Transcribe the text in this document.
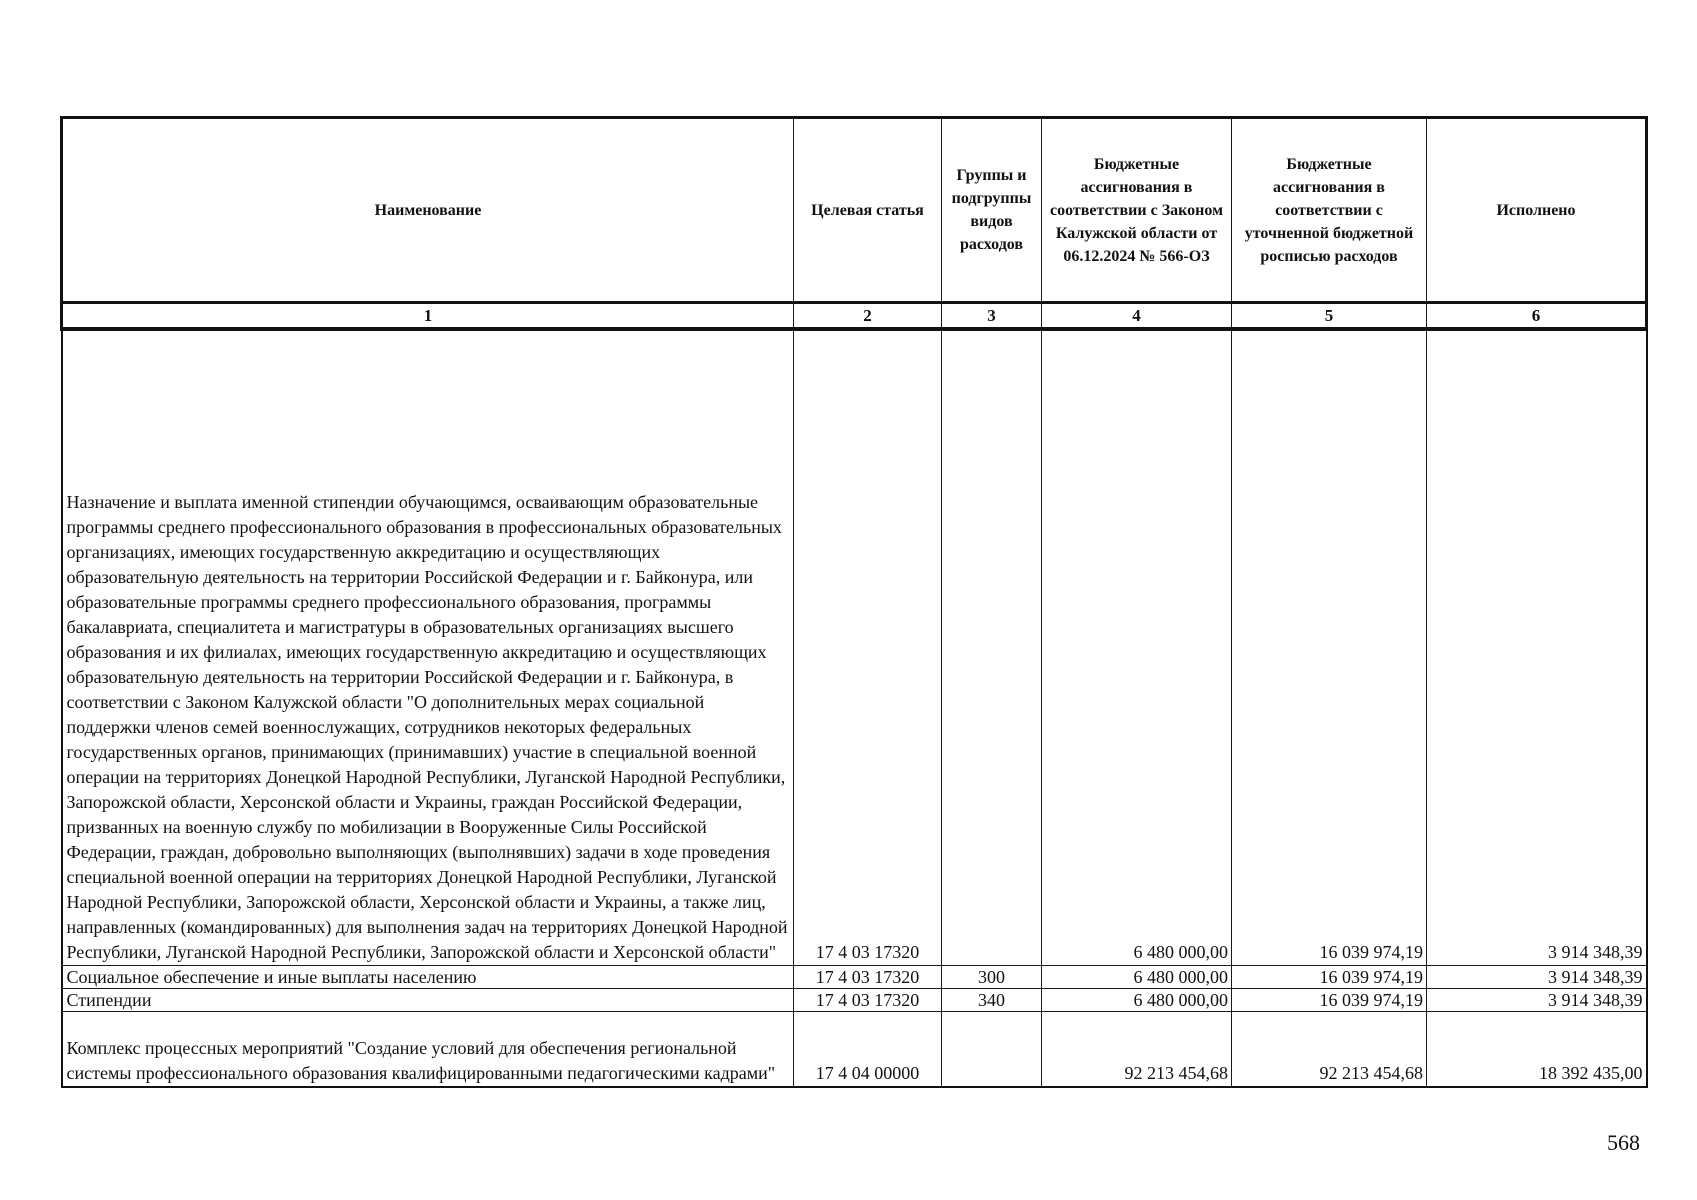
Наименование	Целевая статья	Группы и подгруппы видов расходов	Бюджетные ассигнования в соответствии с Законом Калужской области от 06.12.2024 № 566-ОЗ	Бюджетные ассигнования в соответствии с уточненной бюджетной росписью расходов	Исполнено
1	2	3	4	5	6
Назначение и выплата именной стипендии обучающимся, осваивающим образовательные программы среднего профессионального образования в профессиональных образовательных организациях, имеющих государственную аккредитацию и осуществляющих образовательную деятельность на территории Российской Федерации и г. Байконура, или образовательные программы среднего профессионального образования, программы бакалавриата, специалитета и магистратуры в образовательных организациях высшего образования и их филиалах, имеющих государственную аккредитацию и осуществляющих образовательную деятельность на территории Российской Федерации и г. Байконура, в соответствии с Законом Калужской области "О дополнительных мерах социальной поддержки членов семей военнослужащих, сотрудников некоторых федеральных государственных органов, принимающих (принимавших) участие в специальной военной операции на территориях Донецкой Народной Республики, Луганской Народной Республики, Запорожской области, Херсонской области и Украины, граждан Российской Федерации, призванных на военную службу по мобилизации в Вооруженные Силы Российской Федерации, граждан, добровольно выполняющих (выполнявших) задачи в ходе проведения специальной военной операции на территориях Донецкой Народной Республики, Луганской Народной Республики, Запорожской области, Херсонской области и Украины, а также лиц, направленных (командированных) для выполнения задач на территориях Донецкой Народной Республики, Луганской Народной Республики, Запорожской области и Херсонской области"	17 4 03 17320		6 480 000,00	16 039 974,19	3 914 348,39
Социальное обеспечение и иные выплаты населению	17 4 03 17320	300	6 480 000,00	16 039 974,19	3 914 348,39
Стипендии	17 4 03 17320	340	6 480 000,00	16 039 974,19	3 914 348,39
Комплекс процессных мероприятий "Создание условий для обеспечения региональной системы профессионального образования квалифицированными педагогическими кадрами"	17 4 04 00000		92 213 454,68	92 213 454,68	18 392 435,00
568
